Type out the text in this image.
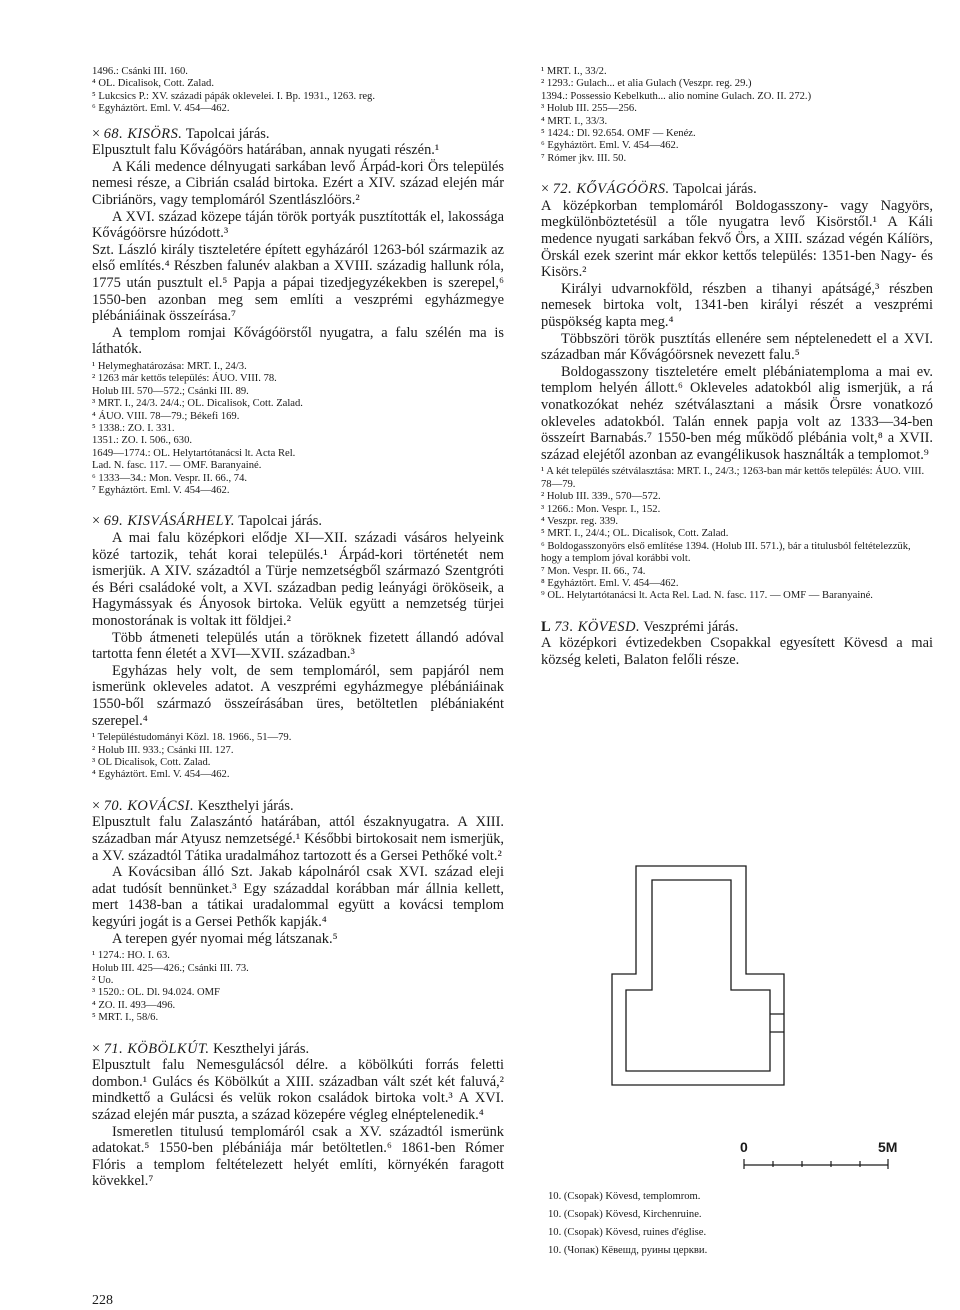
1496.: Csánki III. 160.

⁴ OL. Dicalisok, Cott. Zalad.

⁵ Lukcsics P.: XV. századi pápák oklevelei. I. Bp. 1931., 1263. reg.

⁶ Egyháztört. Eml. V. 454—462.

× 68. KISÖRS. Tapolcai járás.

Elpusztult falu Kővágóörs határában, annak nyugati részén.¹

A Káli medence délnyugati sarkában levő Árpád-kori Örs település nemesi része, a Cibrián család birtoka. Ezért a XIV. század elején már Cibriánörs, vagy templomáról Szentlászlóörs.²

A XVI. század közepe táján török portyák pusztították el, lakossága Kővágóörsre húzódott.³

Szt. László király tiszteletére épített egyházáról 1263-ból származik az első említés.⁴ Részben falunév alakban a XVIII. századig hallunk róla, 1775 után pusztult el.⁵ Papja a pápai tizedjegyzékekben is szerepel,⁶ 1550-ben azonban meg sem említi a veszprémi egyházmegye plébániáinak összeírása.⁷

A templom romjai Kővágóörstől nyugatra, a falu szélén ma is láthatók.

¹ Helymeghatározása: MRT. I., 24/3.

² 1263 már kettős település: ÁUO. VIII. 78.

Holub III. 570—572.; Csánki III. 89.

³ MRT. I., 24/3. 24/4.; OL. Dicalisok, Cott. Zalad.

⁴ ÁUO. VIII. 78—79.; Békefi 169.

⁵ 1338.: ZO. I. 331.

1351.: ZO. I. 506., 630.

1649—1774.: OL. Helytartótanácsi lt. Acta Rel.

Lad. N. fasc. 117. — OMF. Baranyainé.

⁶ 1333—34.: Mon. Vespr. II. 66., 74.

⁷ Egyháztört. Eml. V. 454—462.

× 69. KISVÁSÁRHELY. Tapolcai járás.

A mai falu középkori elődje XI—XII. századi vásáros helyeink közé tartozik, tehát korai település.¹ Árpád-kori történetét nem ismerjük. A XIV. századtól a Türje nemzetségből származó Szentgróti és Béri családoké volt, a XVI. században pedig leányági örököseik, a Hagymássyak és Ányosok birtoka. Velük együtt a nemzetség türjei monostorának is voltak itt földjei.²

Több átmeneti település után a töröknek fizetett állandó adóval tartotta fenn életét a XVI—XVII. században.³

Egyházas hely volt, de sem templomáról, sem papjáról nem ismerünk okleveles adatot. A veszprémi egyházmegye plébániáinak 1550-ből származó összeírásában üres, betöltetlen plébániaként szerepel.⁴

¹ Településtudományi Közl. 18. 1966., 51—79.

² Holub III. 933.; Csánki III. 127.

³ OL Dicalisok, Cott. Zalad.

⁴ Egyháztört. Eml. V. 454—462.

× 70. KOVÁCSI. Keszthelyi járás.

Elpusztult falu Zalaszántó határában, attól északnyugatra. A XIII. században már Atyusz nemzetségé.¹ Későbbi birtokosait nem ismerjük, a XV. századtól Tátika uradalmához tartozott és a Gersei Pethőké volt.²

A Kovácsiban álló Szt. Jakab kápolnáról csak XVI. század eleji adat tudósít bennünket.³ Egy századdal korábban már állnia kellett, mert 1438-ban a tátikai uradalommal együtt a kovácsi templom kegyúri jogát is a Gersei Pethők kapják.⁴

A terepen gyér nyomai még látszanak.⁵

¹ 1274.: HO. I. 63.

Holub III. 425—426.; Csánki III. 73.

² Uo.

³ 1520.: OL. Dl. 94.024. OMF

⁴ ZO. II. 493—496.

⁵ MRT. I., 58/6.

× 71. KÖBÖLKÚT. Keszthelyi járás.

Elpusztult falu Nemesgulácsól délre. a köbölkúti forrás feletti dombon.¹ Gulács és Köbölkút a XIII. században vált szét két faluvá,² mindkettő a Gulácsi és velük rokon családok birtoka volt.³ A XVI. század elején már puszta, a század közepére végleg elnéptelenedik.⁴

Ismeretlen titulusú templomáról csak a XV. századtól ismerünk adatokat.⁵ 1550-ben plébániája már betöltetlen.⁶ 1861-ben Rómer Flóris a templom feltételezett helyét említi, környékén faragott kövekkel.⁷

228

¹ MRT. I., 33/2.

² 1293.: Gulach... et alia Gulach (Veszpr. reg. 29.)

1394.: Possessio Kebelkuth... alio nomine Gulach. ZO. II. 272.)

³ Holub III. 255—256.

⁴ MRT. I., 33/3.

⁵ 1424.: Dl. 92.654. OMF — Kenéz.

⁶ Egyháztört. Eml. V. 454—462.

⁷ Rómer jkv. III. 50.

× 72. KŐVÁGÓÖRS. Tapolcai járás.

A középkorban templomáról Boldogasszony- vagy Nagyörs, megkülönböztetésül a tőle nyugatra levő Kisörstől.¹ A Káli medence nyugati sarkában fekvő Örs, a XIII. század végén Kálíörs, Örskál ezek szerint már ekkor kettős település: 1351-ben Nagy- és Kisörs.²

Királyi udvarnokföld, részben a tihanyi apátságé,³ részben nemesek birtoka volt, 1341-ben királyi részét a veszprémi püspökség kapta meg.⁴

Többszöri török pusztítás ellenére sem néptelenedett el a XVI. században már Kővágóörsnek nevezett falu.⁵

Boldogasszony tiszteletére emelt plébániatemploma a mai ev. templom helyén állott.⁶ Okleveles adatokból alig ismerjük, a rá vonatkozókat nehéz szétválasztani a másik Örsre vonatkozó okleveles adatokból. Talán ennek papja volt az 1333—34-ben összeírt Barnabás.⁷ 1550-ben még működő plébánia volt,⁸ a XVII. század elejétől azonban az evangélikusok használták a templomot.⁹

¹ A két település szétválasztása: MRT. I., 24/3.; 1263-ban már kettős település: ÁUO. VIII. 78—79.

² Holub III. 339., 570—572.

³ 1266.: Mon. Vespr. I., 152.

⁴ Veszpr. reg. 339.

⁵ MRT. I., 24/4.; OL. Dicalisok, Cott. Zalad.

⁶ Boldogasszonyörs első említése 1394. (Holub III. 571.), bár a titulusból feltételezzük, hogy a templom jóval korábbi volt.

⁷ Mon. Vespr. II. 66., 74.

⁸ Egyháztört. Eml. V. 454—462.

⁹ OL. Helytartótanácsi lt. Acta Rel. Lad. N. fasc. 117. — OMF — Baranyainé.

L 73. KÖVESD. Veszprémi járás.

A középkori évtizedekben Csopakkal egyesített Kövesd a mai község keleti, Balaton felőli része.

0	5M

10. (Csopak) Kövesd, templomrom.

10. (Csopak) Kövesd, Kirchenruine.

10. (Csopak) Kövesd, ruines d'église.

10. (Чопак) Кёвешд, руины церкви.
